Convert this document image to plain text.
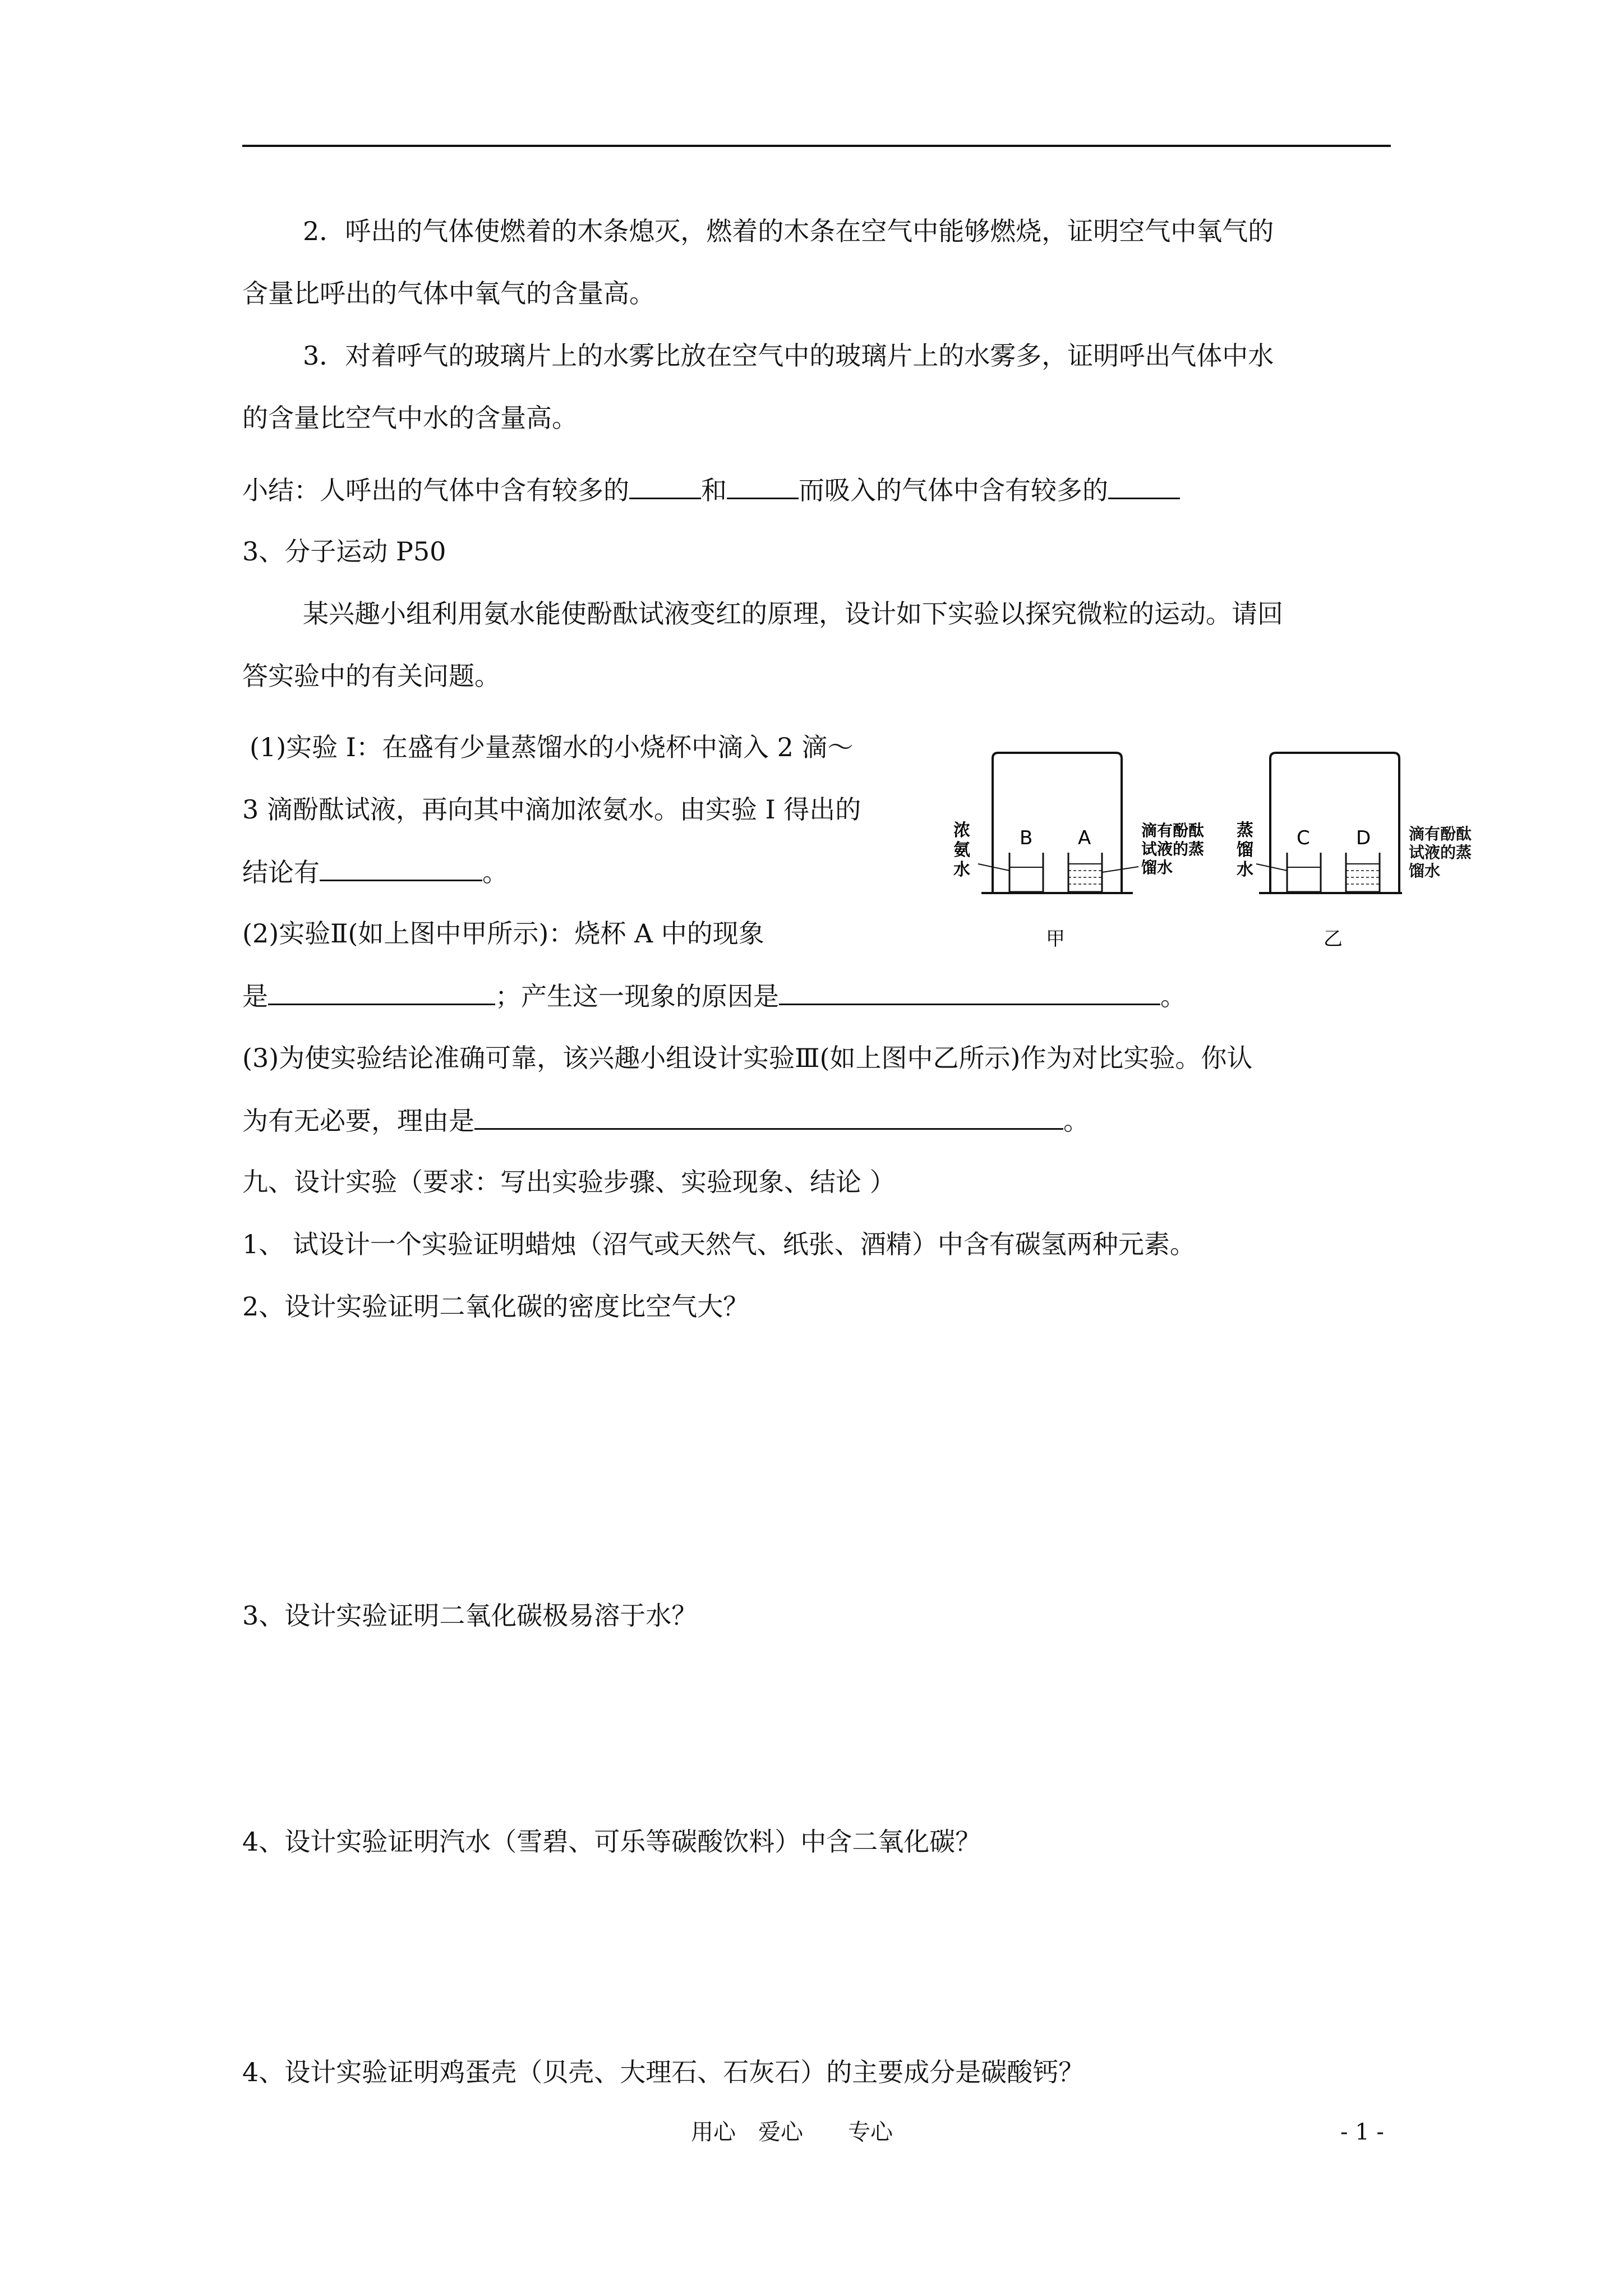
2．呼出的气体使燃着的木条熄灭，燃着的木条在空气中能够燃烧，证明空气中氧气的
含量比呼出的气体中氧气的含量高。
3．对着呼气的玻璃片上的水雾比放在空气中的玻璃片上的水雾多，证明呼出气体中水
的含量比空气中水的含量高。
小结：人呼出的气体中含有较多的	和	而吸入的气体中含有较多的
3、分子运动 P50
某兴趣小组利用氨水能使酚酞试液变红的原理，设计如下实验以探究微粒的运动。请回
答实验中的有关问题。
(1)实验 I：在盛有少量蒸馏水的小烧杯中滴入 2 滴～
3 滴酚酞试液，再向其中滴加浓氨水。由实验 I 得出的
结论有	。
(2)实验Ⅱ(如上图中甲所示)：烧杯 A 中的现象
是	；产生这一现象的原因是	。
(3)为使实验结论准确可靠，该兴趣小组设计实验Ⅲ(如上图中乙所示)作为对比实验。你认
为有无必要，理由是	。
九、设计实验（要求：写出实验步骤、实验现象、结论 ）
1、 试设计一个实验证明蜡烛（沼气或天然气、纸张、酒精）中含有碳氢两种元素。
2、设计实验证明二氧化碳的密度比空气大？
3、设计实验证明二氧化碳极易溶于水？
4、设计实验证明汽水（雪碧、可乐等碳酸饮料）中含二氧化碳？
4、设计实验证明鸡蛋壳（贝壳、大理石、石灰石）的主要成分是碳酸钙？
浓
氨
水
B A	滴有酚酞
试液的蒸
馏水
甲
蒸
馏
水
C D
乙
滴有酚酞
试液的蒸
馏水
用心　爱心　　专心	- 1 -
